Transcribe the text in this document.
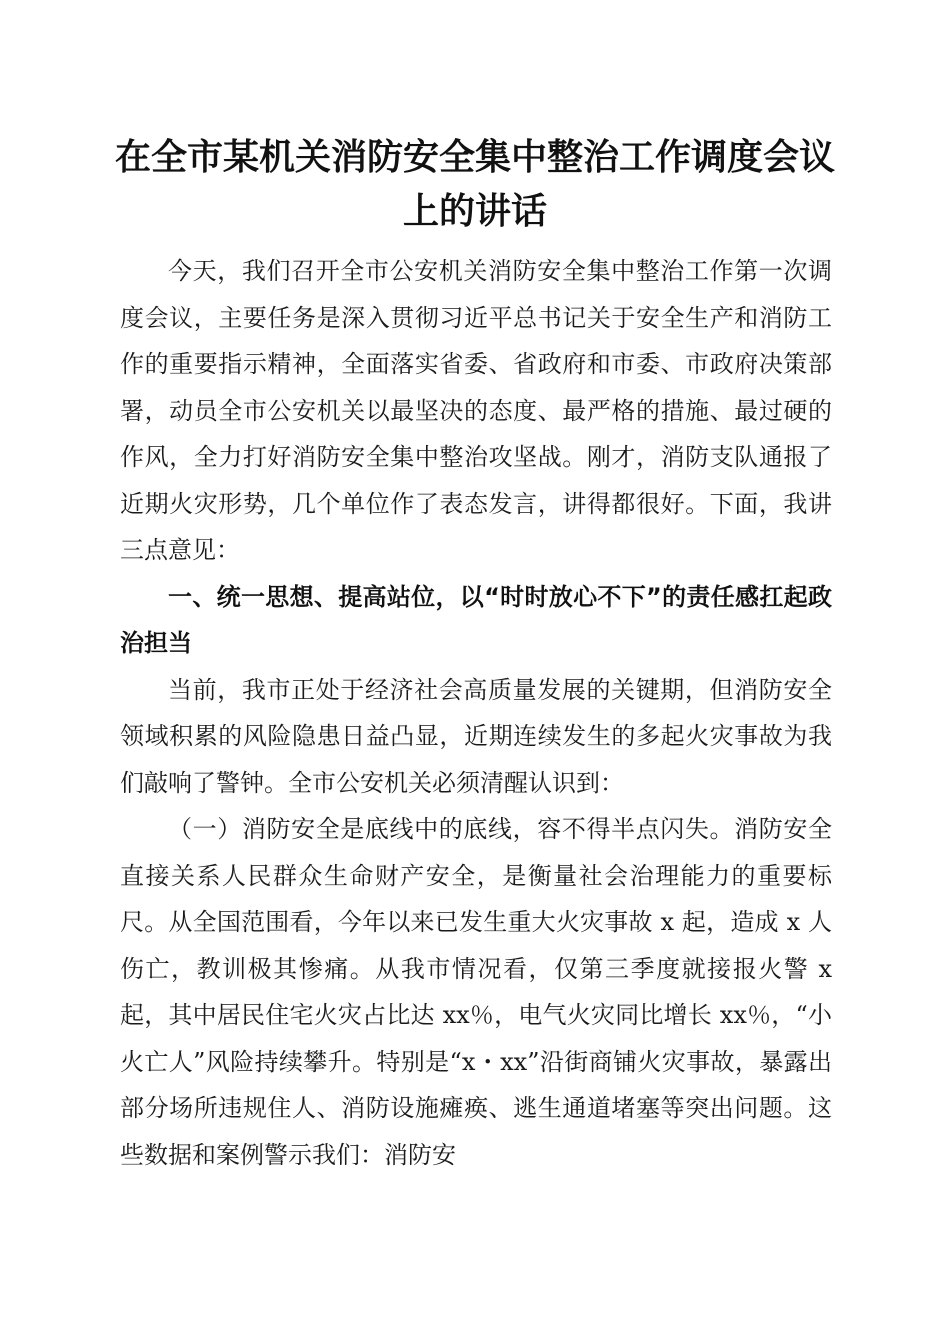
在全市某机关消防安全集中整治工作调度会议上的讲话

今天，我们召开全市公安机关消防安全集中整治工作第一次调度会议，主要任务是深入贯彻习近平总书记关于安全生产和消防工作的重要指示精神，全面落实省委、省政府和市委、市政府决策部署，动员全市公安机关以最坚决的态度、最严格的措施、最过硬的作风，全力打好消防安全集中整治攻坚战。刚才，消防支队通报了近期火灾形势，几个单位作了表态发言，讲得都很好。下面，我讲三点意见：

一、统一思想、提高站位，以“时时放心不下”的责任感扛起政治担当

当前，我市正处于经济社会高质量发展的关键期，但消防安全领域积累的风险隐患日益凸显，近期连续发生的多起火灾事故为我们敲响了警钟。全市公安机关必须清醒认识到：

（一）消防安全是底线中的底线，容不得半点闪失。消防安全直接关系人民群众生命财产安全，是衡量社会治理能力的重要标尺。从全国范围看，今年以来已发生重大火灾事故 x 起，造成 x 人伤亡，教训极其惨痛。从我市情况看，仅第三季度就接报火警 x 起，其中居民住宅火灾占比达 xx％，电气火灾同比增长 xx％，“小火亡人”风险持续攀升。特别是“x・xx”沿街商铺火灾事故，暴露出部分场所违规住人、消防设施瘫痪、逃生通道堵塞等突出问题。这些数据和案例警示我们：消防安
